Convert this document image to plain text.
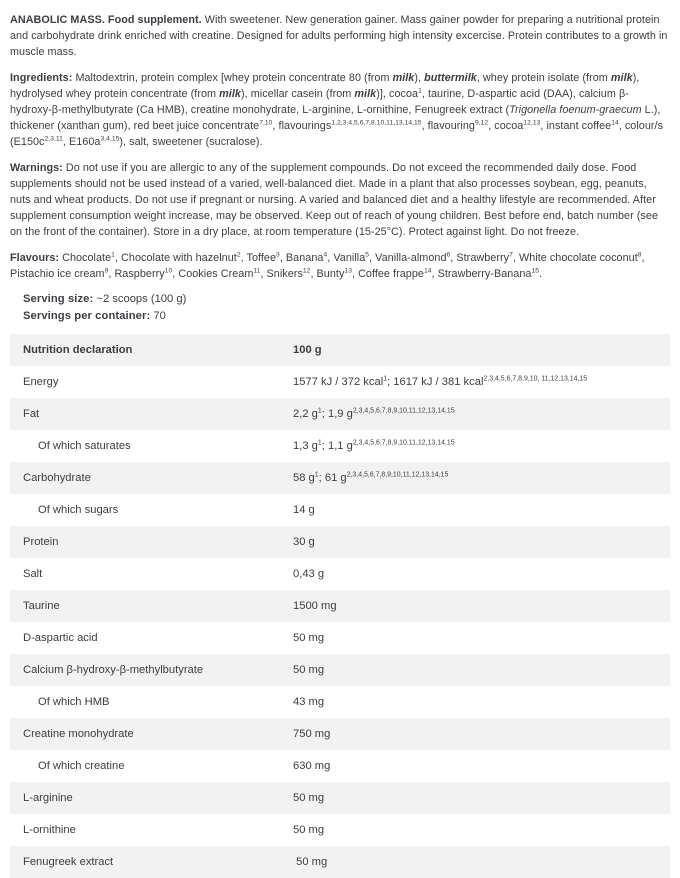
ANABOLIC MASS. Food supplement. With sweetener. New generation gainer. Mass gainer powder for preparing a nutritional protein and carbohydrate drink enriched with creatine. Designed for adults performing high intensity excercise. Protein contributes to a growth in muscle mass.

Ingredients: Maltodextrin, protein complex [whey protein concentrate 80 (from milk), buttermilk, whey protein isolate (from milk), hydrolysed whey protein concentrate (from milk), micellar casein (from milk)], cocoa$^1$, taurine, D-aspartic acid (DAA), calcium β-hydroxy-β-methylbutyrate (Ca HMB), creatine monohydrate, L-arginine, L-ornithine, Fenugreek extract (Trigonella foenum-graecum L.), thickener (xanthan gum), red beet juice concentrate$^{7,10}$, flavourings$^{1,2,3,4,5,6,7,8,10,11,13,14,15}$, flavouring$^{9,12}$, cocoa$^{12,13}$, instant coffee$^{14}$, colour/s ($E150c^{2,3,11}$, $E160a^{3,4,15}$), salt, sweetener (sucralose).

Warnings: Do not use if you are allergic to any of the supplement compounds. Do not exceed the recommended daily dose. Food supplements should not be used instead of a varied, well-balanced diet. Made in a plant that also processes soybean, egg, peanuts, nuts and wheat products. Do not use if pregnant or nursing. A varied and balanced diet and a healthy lifestyle are recommended. After supplement consumption weight increase, may be observed. Keep out of reach of young children. Best before end, batch number (see on the front of the container). Store in a dry place, at room temperature (15-25°C). Protect against light. Do not freeze.

Flavours: Chocolate$^1$, Chocolate with hazelnut$^2$, Toffee$^3$, Banana$^4$, Vanilla$^5$, Vanilla-almond$^6$, Strawberry$^7$, White chocolate coconut$^8$, Pistachio ice cream$^9$, Raspberry$^{10}$, Cookies Cream$^{11}$, Snikers$^{12}$, Bunty$^{13}$, Coffee frappe$^{14}$, Strawberry-Banana$^{15}$.

Serving size: ~2 scoops (100 g)
Servings per container: 70
Nutrition declaration	100 g
Energy	1577 kJ / 372 kcal$^1$; 1617 kJ / 381 kcal$^{2,3,4,5,6,7,8,9,10, 11,12,13,14,15}$
Fat	2,2 $g^1$; 1,9 $g^{2,3,4,5,6,7,8,9,10,11,12,13,14,15}$
Of which saturates	1,3 $g^1$; 1,1 $g^{2,3,4,5,6,7,8,9,10,11,12,13,14,15}$
Carbohydrate	58 $g^1$; 61 $g^{2,3,4,5,6,7,8,9,10,11,12,13,14,15}$
Of which sugars	14 g
Protein	30 g
Salt	0,43 g
Taurine	1500 mg
D-aspartic acid	50 mg
Calcium β-hydroxy-β-methylbutyrate	50 mg
Of which HMB	43 mg
Creatine monohydrate	750 mg
Of which creatine	630 mg
L-arginine	50 mg
L-ornithine	50 mg
Fenugreek extract	50 mg
